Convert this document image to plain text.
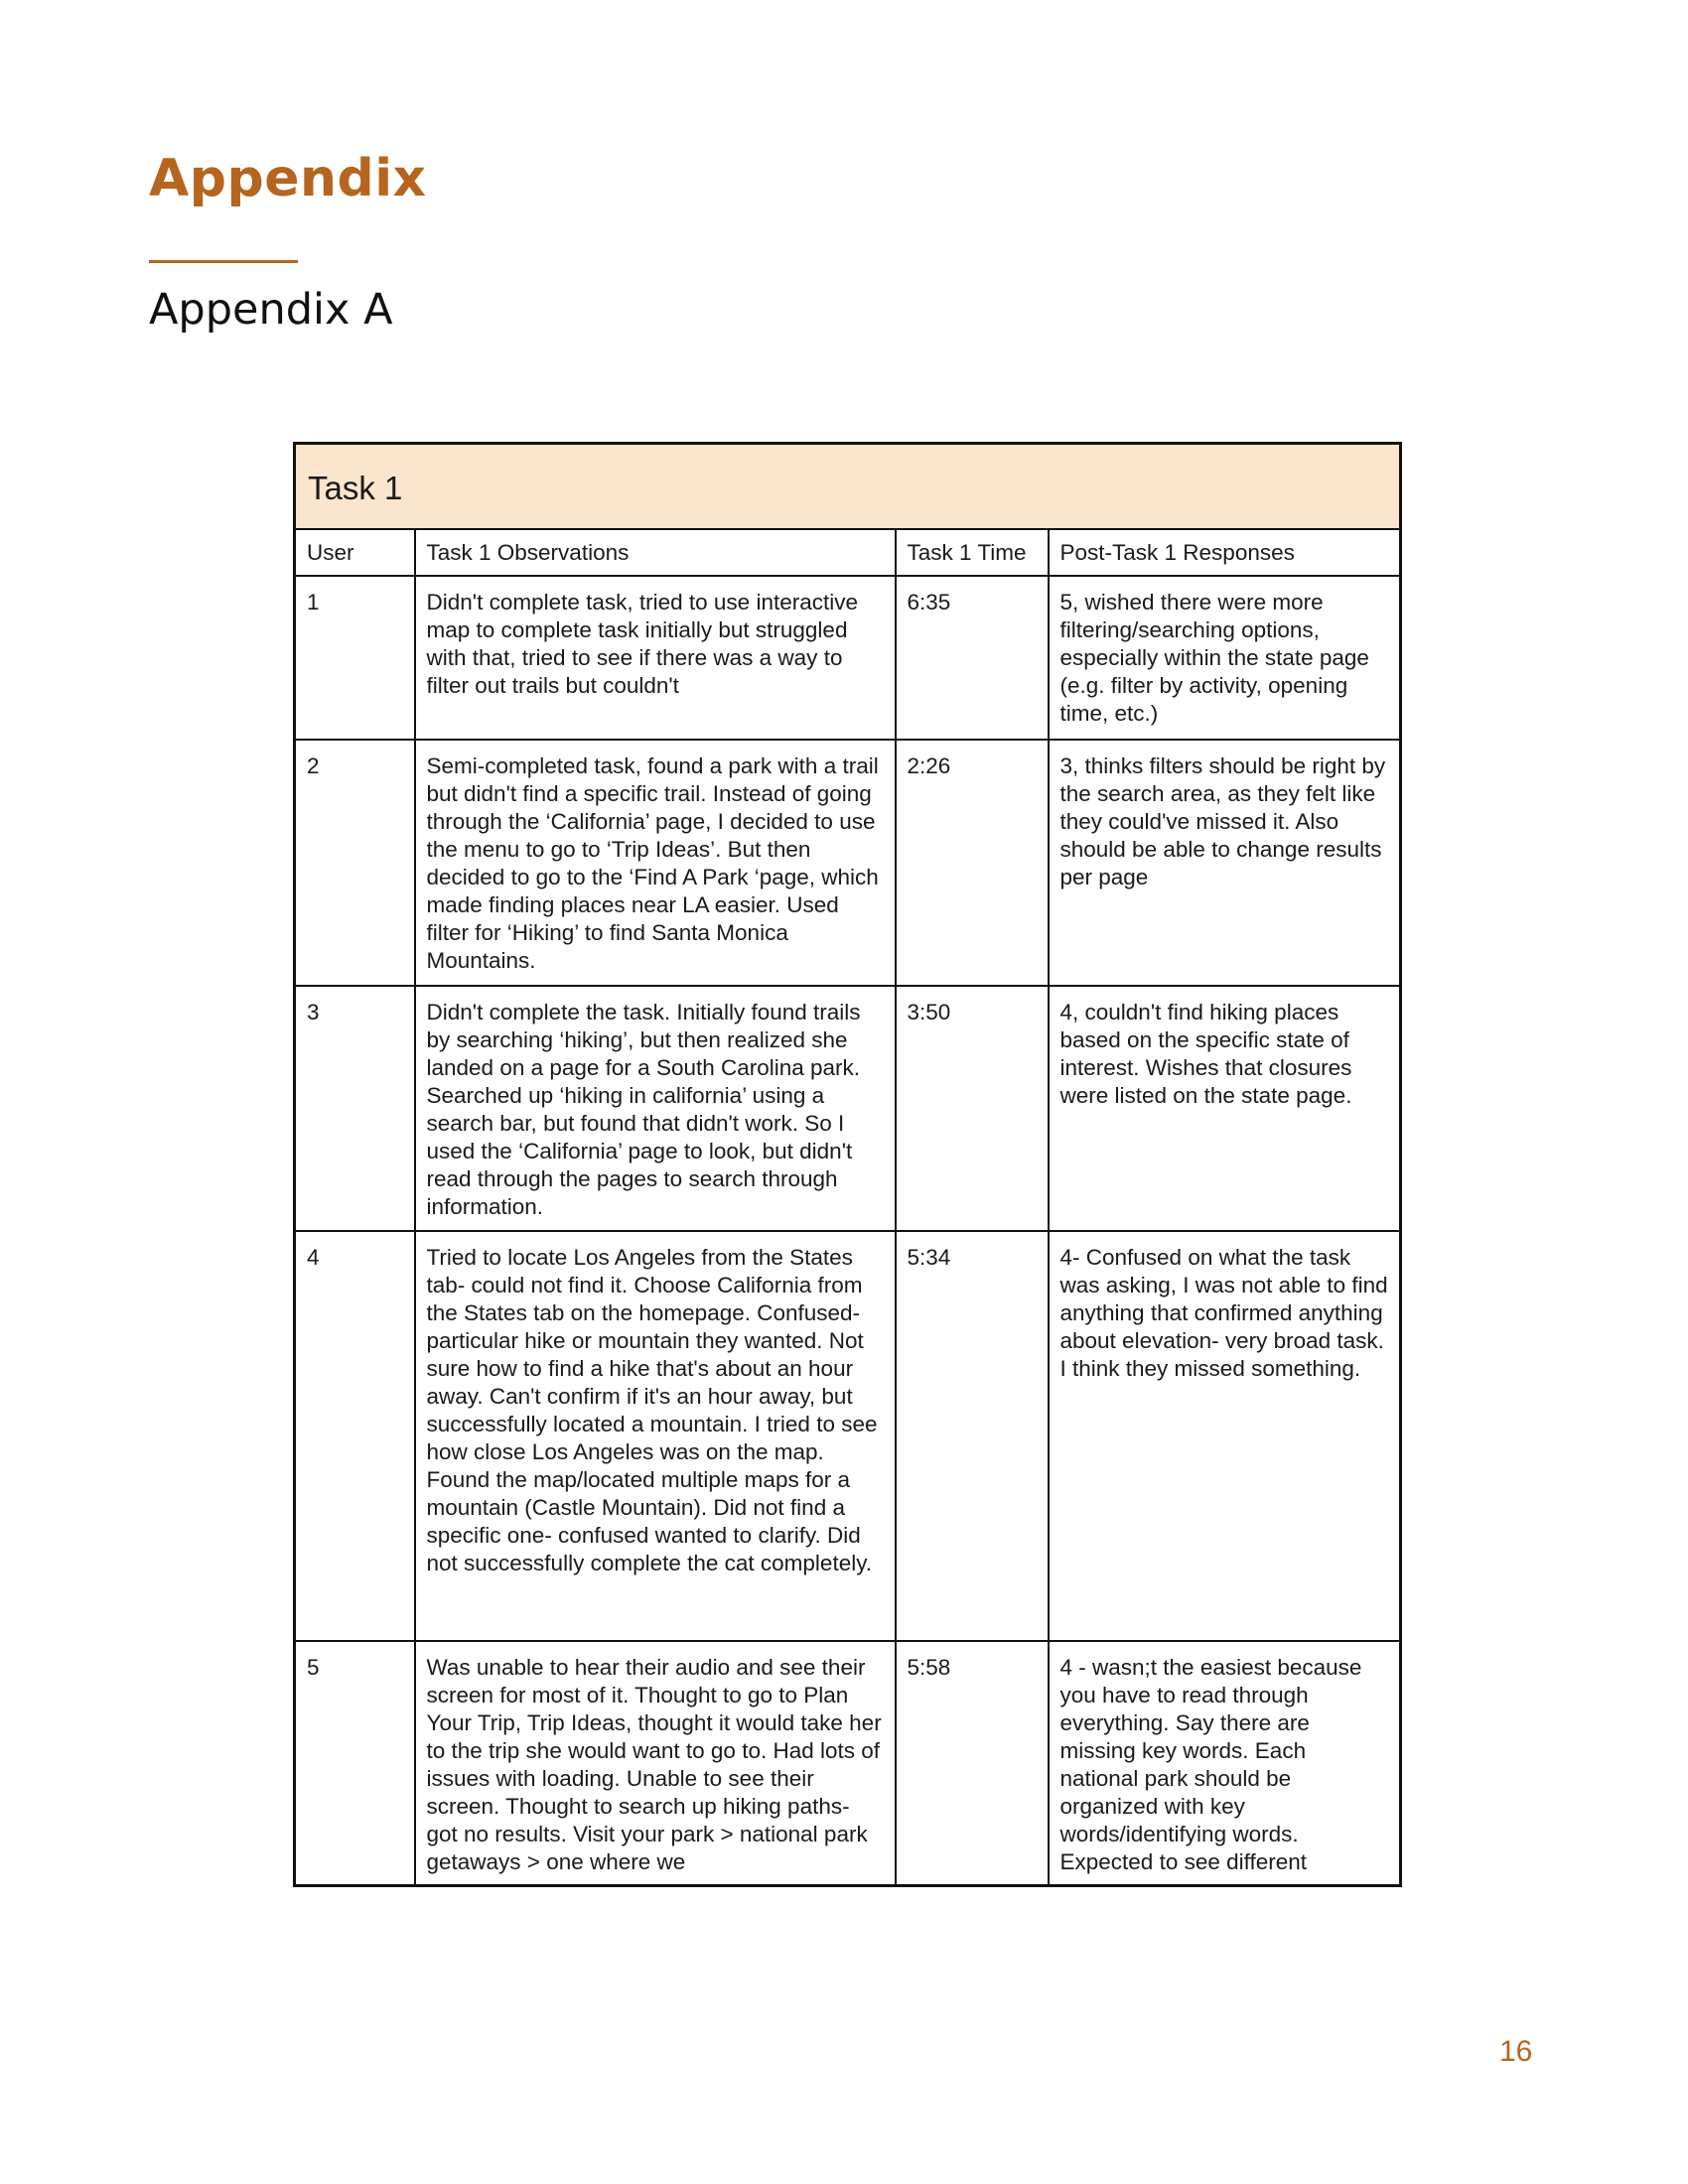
Appendix
Appendix A
Task 1			
User	Task 1 Observations	Task 1 Time	Post-Task 1 Responses
1	Didn't complete task, tried to use interactive map to complete task initially but struggled with that, tried to see if there was a way to filter out trails but couldn't	6:35	5, wished there were more filtering/searching options, especially within the state page (e.g. filter by activity, opening time, etc.)
2	Semi-completed task, found a park with a trail but didn't find a specific trail. Instead of going through the ‘California’ page, I decided to use the menu to go to ‘Trip Ideas’. But then decided to go to the ‘Find A Park ‘page, which made finding places near LA easier. Used filter for ‘Hiking’ to find Santa Monica Mountains.	2:26	3, thinks filters should be right by the search area, as they felt like they could've missed it. Also should be able to change results per page
3	Didn't complete the task. Initially found trails by searching ‘hiking’, but then realized she landed on a page for a South Carolina park. Searched up ‘hiking in california’ using a search bar, but found that didn't work. So I used the ‘California’ page to look, but didn't read through the pages to search through information.	3:50	4, couldn't find hiking places based on the specific state of interest. Wishes that closures were listed on the state page.
4	Tried to locate Los Angeles from the States tab- could not find it. Choose California from the States tab on the homepage. Confused- particular hike or mountain they wanted. Not sure how to find a hike that's about an hour away. Can't confirm if it's an hour away, but successfully located a mountain. I tried to see how close Los Angeles was on the map. Found the map/located multiple maps for a mountain (Castle Mountain). Did not find a specific one- confused wanted to clarify. Did not successfully complete the cat completely.	5:34	4- Confused on what the task was asking, I was not able to find anything that confirmed anything about elevation- very broad task. I think they missed something.
5	Was unable to hear their audio and see their screen for most of it. Thought to go to Plan Your Trip, Trip Ideas, thought it would take her to the trip she would want to go to. Had lots of issues with loading. Unable to see their screen. Thought to search up hiking paths- got no results. Visit your park > national park getaways > one where we	5:58	4 - wasn;t the easiest because you have to read through everything. Say there are missing key words. Each national park should be organized with key words/identifying words. Expected to see different
16
